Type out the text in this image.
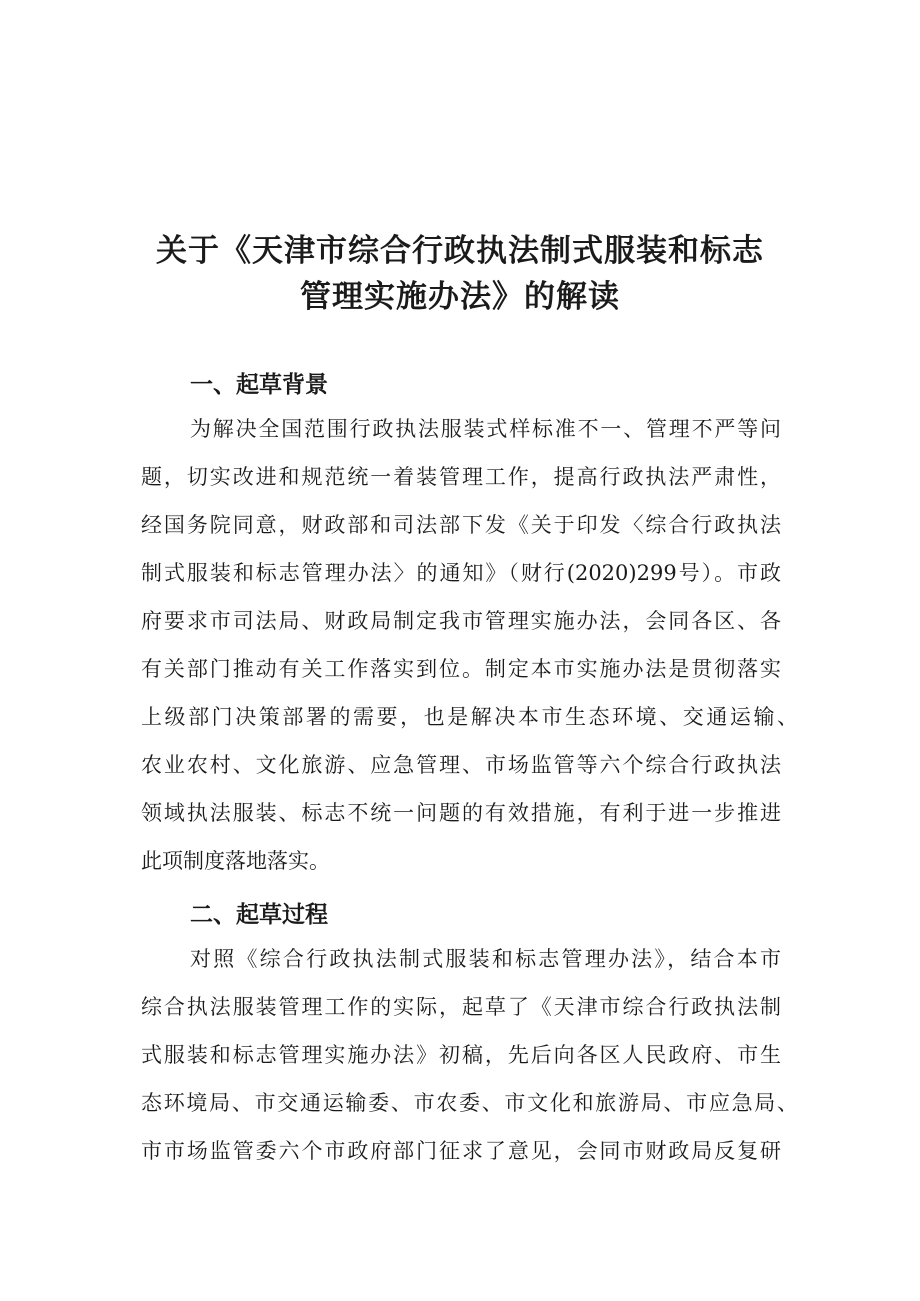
关于《天津市综合行政执法制式服装和标志
管理实施办法》的解读
一、起草背景
为解决全国范围行政执法服装式样标准不一、管理不严等问
题，切实改进和规范统一着装管理工作，提高行政执法严肃性，
经国务院同意，财政部和司法部下发《关于印发〈综合行政执法
制式服装和标志管理办法〉的通知》（财行(2020)299号）。市政
府要求市司法局、财政局制定我市管理实施办法，会同各区、各
有关部门推动有关工作落实到位。制定本市实施办法是贯彻落实
上级部门决策部署的需要，也是解决本市生态环境、交通运输、
农业农村、文化旅游、应急管理、市场监管等六个综合行政执法
领域执法服装、标志不统一问题的有效措施，有利于进一步推进
此项制度落地落实。
二、起草过程
对照《综合行政执法制式服装和标志管理办法》，结合本市
综合执法服装管理工作的实际，起草了《天津市综合行政执法制
式服装和标志管理实施办法》初稿，先后向各区人民政府、市生
态环境局、市交通运输委、市农委、市文化和旅游局、市应急局、
市市场监管委六个市政府部门征求了意见，会同市财政局反复研
